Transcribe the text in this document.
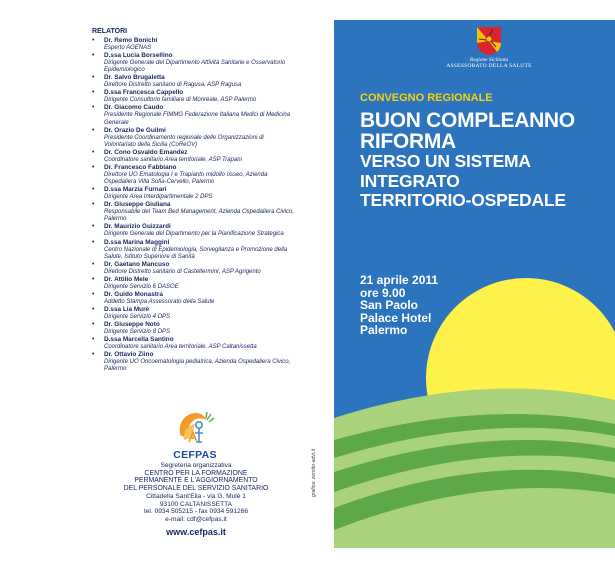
RELATORI
• Dr. Remo Bonichi
Esperto AGENAS
• D.ssa Lucia Borsellino
Dirigente Generale del Dipartimento Attività Sanitarie e Osservatorio Epidemiologico
• Dr. Salvo Brugaletta
Direttore Distretto sanitario di Ragusa, ASP Ragusa
• D.ssa Francesca Cappello
Dirigente Consultorio familiare di Monreale, ASP Palermo
• Dr. Giacomo Caudo
Presidente Regionale FIMMG Federazione Italiana Medici di Medicina Generale
• Dr. Orazio De Guilmi
Presidente Coordinamento regionale delle Organizzazioni di Volontariato della Sicilia (CoReOV)
• Dr. Cono Osvaldo Emandez
Coordinatore sanitario Area territoriale, ASP Trapani
• Dr. Francesco Fabbiano
Direttore UO Ematologia I e Trapianto midollo osseo, Azienda Ospedaliera Villa Sofia-Cervello, Palermo
• D.ssa Marzia Furnari
Dirigente Area Interdipartimentale 2 DPS
• Dr. Giuseppe Giuliana
Responsabile del Team Bed Management, Azienda Ospedaliera Civico, Palermo
• Dr. Maurizio Guizzardi
Dirigente Generale del Dipartimento per la Pianificazione Strategica
• D.ssa Marina Maggini
Centro Nazionale di Epidemiologia, Sorveglianza e Promozione della Salute, Istituto Superiore di Sanità
• Dr. Gaetano Mancuso
Direttore Distretto sanitario di Castelterminí, ASP Agrigento
• Dr. Attilio Mele
Dirigente Servizio 6 DASOE
• Dr. Guido Monastra
Addetto Stampa Assessorato della Salute
• D.ssa Lia Murè
Dirigente Servizio 4 DPS
• Dr. Giuseppe Noto
Dirigente Servizio 8 DPS
• D.ssa Marcella Santino
Coordinatore sanitario Area territoriale, ASP Caltanissetta
• Dr. Ottavio Ziino
Dirigente UO Oncoematologia pediatrica, Azienda Ospedaliera Civico, Palermo
CEFPAS
Segreteria organizzativa
CENTRO PER LA FORMAZIONE
PERMANENTE E L'AGGIORNAMENTO
DEL PERSONALE DEL SERVIZIO SANITARIO
Cittadella Sant'Elia - via G. Mulè 1
93100 CALTANISSETTA
tel. 0934 505215 - fax 0934 591266
e-mail: cdf@cefpas.it
www.cefpas.it
grafica: zerotto-advt.it
Regione Siciliana
ASSESSORATO DELLA SALUTE
CONVEGNO REGIONALE
BUON COMPLEANNO
RIFORMA
VERSO UN SISTEMA
INTEGRATO
TERRITORIO-OSPEDALE
21 aprile 2011
ore 9.00
San Paolo
Palace Hotel
Palermo
